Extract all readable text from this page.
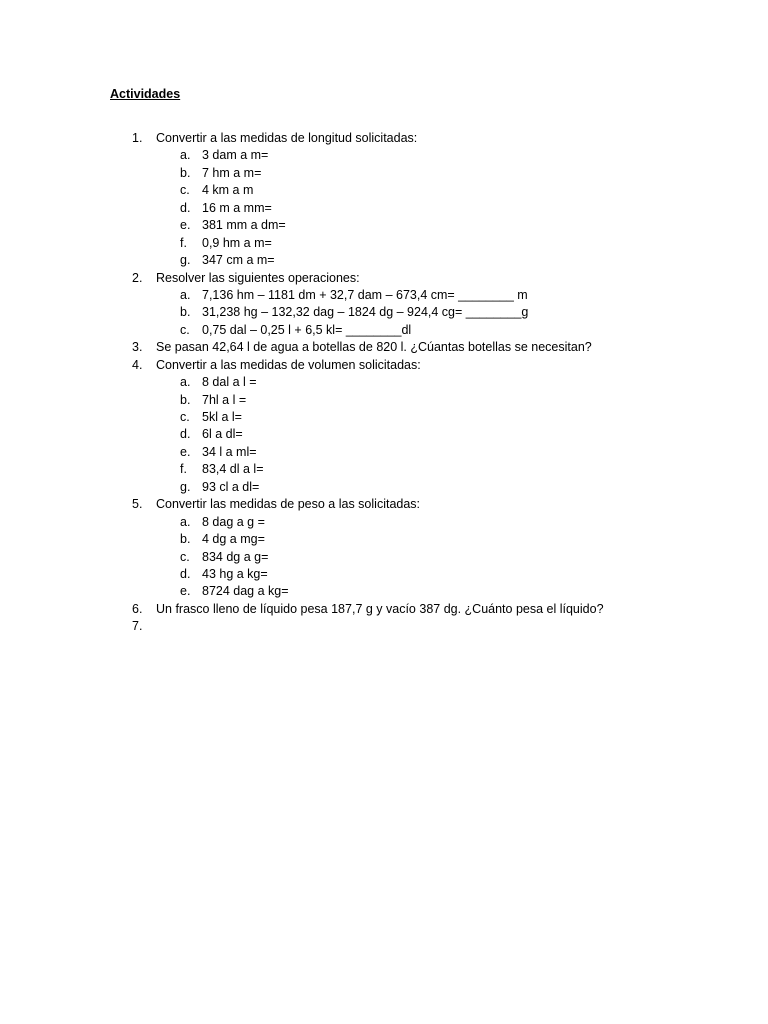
Actividades
1. Convertir a las medidas de longitud solicitadas:
a. 3 dam a m=
b. 7 hm a m=
c. 4 km a m
d. 16 m a mm=
e. 381 mm a dm=
f. 0,9 hm a m=
g. 347 cm a m=
2. Resolver las siguientes operaciones:
a. 7,136 hm – 1181 dm + 32,7 dam – 673,4 cm= ________ m
b. 31,238 hg – 132,32 dag – 1824 dg – 924,4 cg= ________g
c. 0,75 dal – 0,25 l + 6,5 kl= ________dl
3. Se pasan 42,64 l de agua a botellas de 820 l. ¿Cúantas botellas se necesitan?
4. Convertir a las medidas de volumen solicitadas:
a. 8 dal a l =
b. 7hl a l =
c. 5kl a l=
d. 6l a dl=
e. 34 l a ml=
f. 83,4 dl a l=
g. 93 cl a dl=
5. Convertir las medidas de peso a las solicitadas:
a. 8 dag a g =
b. 4 dg a mg=
c. 834 dg a g=
d. 43 hg a kg=
e. 8724 dag a kg=
6. Un frasco lleno de líquido pesa 187,7 g y vacío 387 dg. ¿Cuánto pesa el líquido?
7.
